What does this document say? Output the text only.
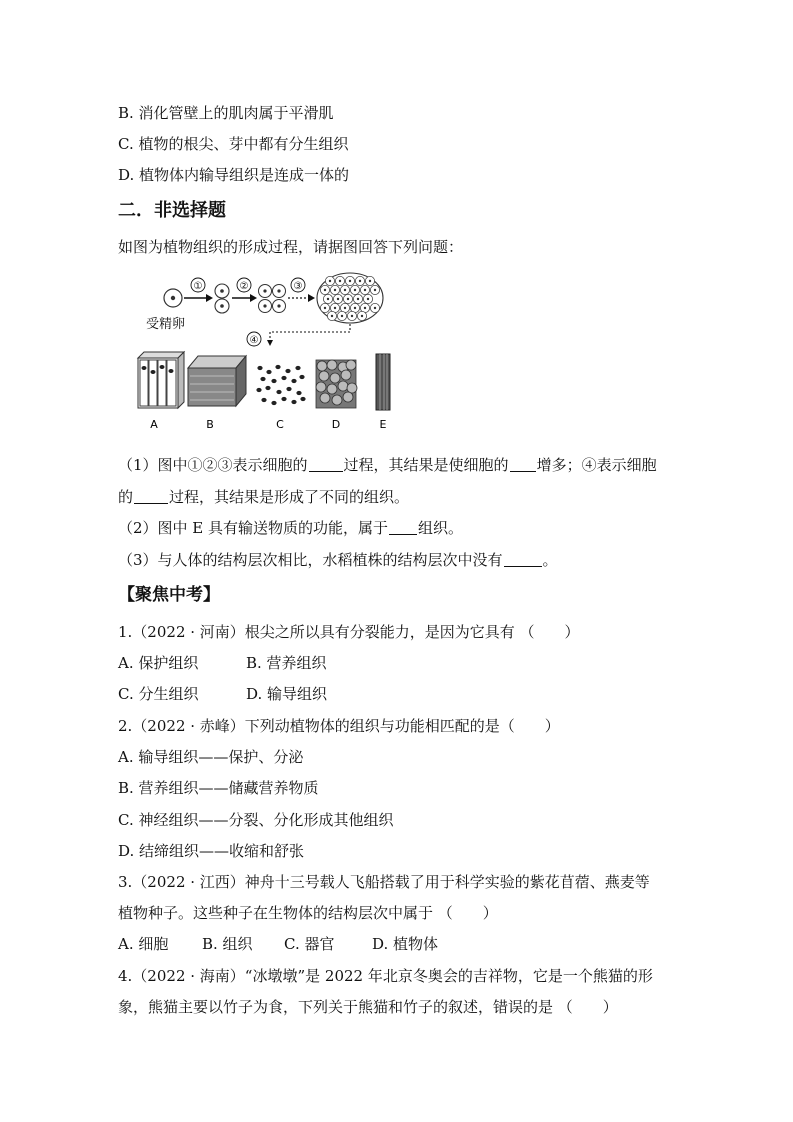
B. 消化管壁上的肌肉属于平滑肌
C. 植物的根尖、芽中都有分生组织
D. 植物体内输导组织是连成一体的
二．非选择题
如图为植物组织的形成过程，请据图回答下列问题：
受精卵
①	②	③
④
A	B	C	D	E
（1）图中①②③表示细胞的 过程，其结果是使细胞的 增多；④表示细胞
的 过程，其结果是形成了不同的组织。
（2）图中 E 具有输送物质的功能，属于 组织。
（3）与人体的结构层次相比，水稻植株的结构层次中没有	。
【聚焦中考】
1.（2022 · 河南）根尖之所以具有分裂能力，是因为它具有 （　　）
A. 保护组织	B. 营养组织
C. 分生组织	D. 输导组织
2.（2022 · 赤峰）下列动植物体的组织与功能相匹配的是（　　）
A. 输导组织——保护、分泌
B. 营养组织——储藏营养物质
C. 神经组织——分裂、分化形成其他组织
D. 结缔组织——收缩和舒张
3.（2022 · 江西）神舟十三号载人飞船搭载了用于科学实验的紫花苜蓿、燕麦等
植物种子。这些种子在生物体的结构层次中属于 （　　）
A. 细胞 B. 组织 C. 器官	D. 植物体
4.（2022 · 海南）“冰墩墩”是 2022 年北京冬奥会的吉祥物，它是一个熊猫的形
象，熊猫主要以竹子为食，下列关于熊猫和竹子的叙述，错误的是 （　　）
